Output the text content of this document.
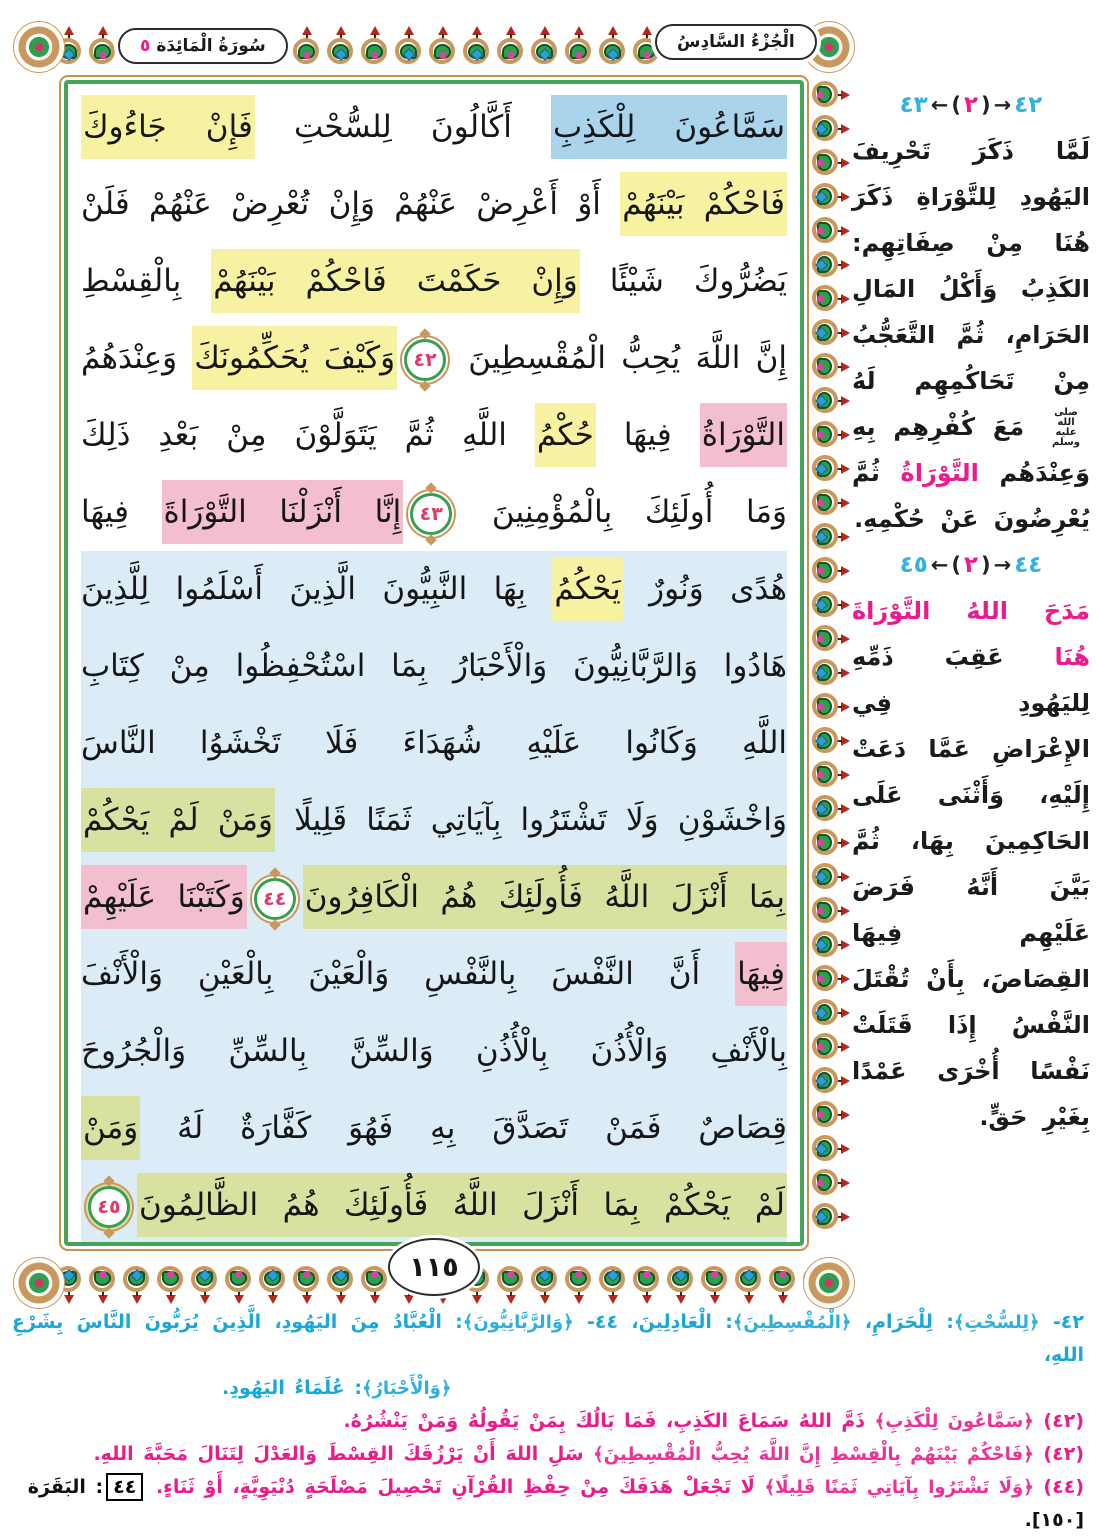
سَمَّاعُونَ لِلْكَذِبِ أَكَّالُونَ لِلسُّحْتِ فَإِنْ جَاءُوكَ
فَاحْكُمْ بَيْنَهُمْ أَوْ أَعْرِضْ عَنْهُمْ وَإِنْ تُعْرِضْ عَنْهُمْ فَلَنْ
يَضُرُّوكَ شَيْئًا وَإِنْ حَكَمْتَ فَاحْكُمْ بَيْنَهُمْ بِالْقِسْطِ
إِنَّ اللَّهَ يُحِبُّ الْمُقْسِطِينَ
٤٢
وَكَيْفَ يُحَكِّمُونَكَ وَعِنْدَهُمُ
التَّوْرَاةُ فِيهَا حُكْمُ اللَّهِ ثُمَّ يَتَوَلَّوْنَ مِنْ بَعْدِ ذَلِكَ
وَمَا أُولَئِكَ بِالْمُؤْمِنِينَ
٤٣
إِنَّا أَنْزَلْنَا التَّوْرَاةَ فِيهَا
هُدًى وَنُورٌ يَحْكُمُ بِهَا النَّبِيُّونَ الَّذِينَ أَسْلَمُوا لِلَّذِينَ
هَادُوا وَالرَّبَّانِيُّونَ وَالْأَحْبَارُ بِمَا اسْتُحْفِظُوا مِنْ كِتَابِ
اللَّهِ وَكَانُوا عَلَيْهِ شُهَدَاءَ فَلَا تَخْشَوُا النَّاسَ
وَاخْشَوْنِ وَلَا تَشْتَرُوا بِآيَاتِي ثَمَنًا قَلِيلًا وَمَنْ لَمْ يَحْكُمْ
بِمَا أَنْزَلَ اللَّهُ فَأُولَئِكَ هُمُ الْكَافِرُونَ
٤٤
وَكَتَبْنَا عَلَيْهِمْ
فِيهَا أَنَّ النَّفْسَ بِالنَّفْسِ وَالْعَيْنَ بِالْعَيْنِ وَالْأَنْفَ
بِالْأَنْفِ وَالْأُذُنَ بِالْأُذُنِ وَالسِّنَّ بِالسِّنِّ وَالْجُرُوحَ
قِصَاصٌ فَمَنْ تَصَدَّقَ بِهِ فَهُوَ كَفَّارَةٌ لَهُ وَمَنْ
لَمْ يَحْكُمْ بِمَا أَنْزَلَ اللَّهُ فَأُولَئِكَ هُمُ الظَّالِمُونَ
٤٥
سُورَةُ الْمَائِدَة ٥	الْجُزْءُ السَّادِسُ
١١٥
٤٣ ← ( ٢ ) → ٤٢
لَمَّا ذَكَرَ تَحْرِيفَ اليَهُودِ لِلتَّوْرَاةِ ذَكَرَ هُنَا مِنْ صِفَاتِهِم: الكَذِبُ وَأَكْلُ المَالِ الحَرَامِ، ثُمَّ التَّعَجُّبُ مِنْ تَحَاكُمِهِم لَهُ صلى الله عليه وسلم مَعَ كُفْرِهِم بِهِ وَعِنْدَهُم التَّوْرَاةُ ثُمَّ يُعْرِضُونَ عَنْ حُكْمِهِ.
٤٥ ← ( ٢ ) → ٤٤
مَدَحَ اللهُ التَّوْرَاةَ هُنَا عَقِبَ ذَمِّهِ لِليَهُودِ فِي الإِعْرَاضِ عَمَّا دَعَتْ إِلَيْهِ، وَأَثْنَى عَلَى الحَاكِمِينَ بِهَا، ثُمَّ بَيَّنَ أَنَّهُ فَرَضَ عَلَيْهِم فِيهَا القِصَاصَ، بِأَنْ تُقْتَلَ النَّفْسُ إِذَا قَتَلَتْ نَفْسًا أُخْرَى عَمْدًا بِغَيْرِ حَقٍّ.
٤٢- ﴿لِلسُّحْتِ﴾: لِلْحَرَامِ، ﴿الْمُقْسِطِينَ﴾: الْعَادِلِينَ، ٤٤- ﴿وَالرَّبَّانِيُّونَ﴾: الْعُبَّادُ مِنَ اليَهُودِ، الَّذِينَ يُرَبُّونَ النَّاسَ بِشَرْعِ اللهِ،
﴿وَالْأَحْبَارُ﴾: عُلَمَاءُ اليَهُودِ.
(٤٢) ﴿سَمَّاعُونَ لِلْكَذِبِ﴾ ذَمَّ اللهُ سَمَاعَ الكَذِبِ، فَمَا بَالُكَ بِمَنْ يَقُولُهُ وَمَنْ يَنْشُرُهُ.
(٤٢) ﴿فَاحْكُمْ بَيْنَهُمْ بِالْقِسْطِ إِنَّ اللَّهَ يُحِبُّ الْمُقْسِطِينَ﴾ سَلِ اللهَ أَنْ يَرْزُقَكَ القِسْطَ وَالعَدْلَ لِتَنَالَ مَحَبَّةَ اللهِ.
(٤٤) ﴿وَلَا تَشْتَرُوا بِآيَاتِي ثَمَنًا قَلِيلًا﴾ لَا تَجْعَلْ هَدَفَكَ مِنْ حِفْظِ القُرْآنِ تَحْصِيلَ مَصْلَحَةٍ دُنْيَوِيَّةٍ، أَوْ ثَنَاءٍ. ٤٤: البَقَرَة [١٥٠].
